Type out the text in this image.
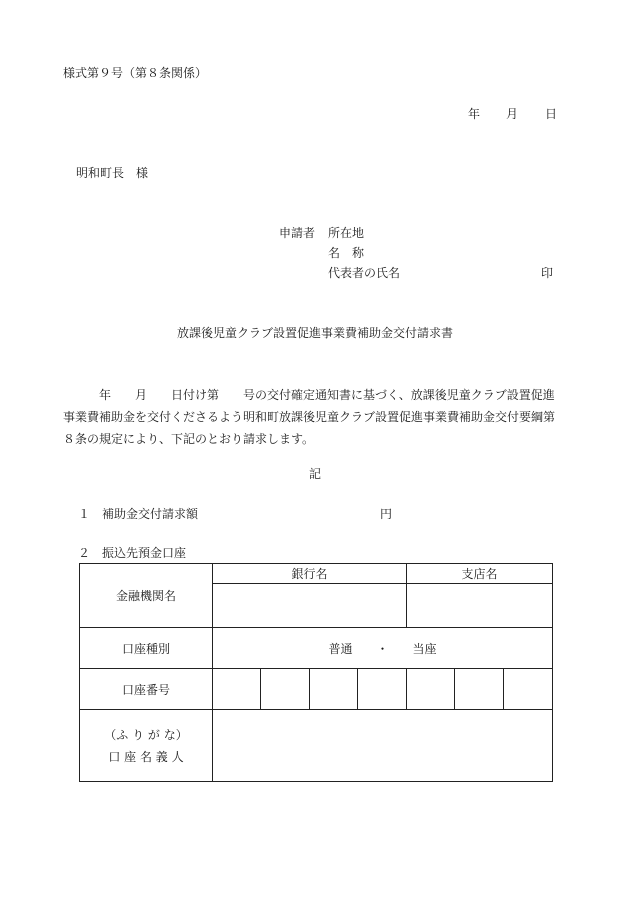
様式第９号（第８条関係）
年 月 日
明和町長　様
申請者 所在地
名　称
代表者の氏名	印
放課後児童クラブ設置促進事業費補助金交付請求書
　　　年　　月　　日付け第　　号の交付確定通知書に基づく、放課後児童クラブ設置促進事業費補助金を交付くださるよう明和町放課後児童クラブ設置促進事業費補助金交付要綱第８条の規定により、下記のとおり請求します。
記
１　補助金交付請求額	円
２　振込先預金口座
金融機関名	銀行名				支店名		

口座種別	普通　　・　　当座						
口座番号							

（ふ り が な）
口 座 名 義 人							
